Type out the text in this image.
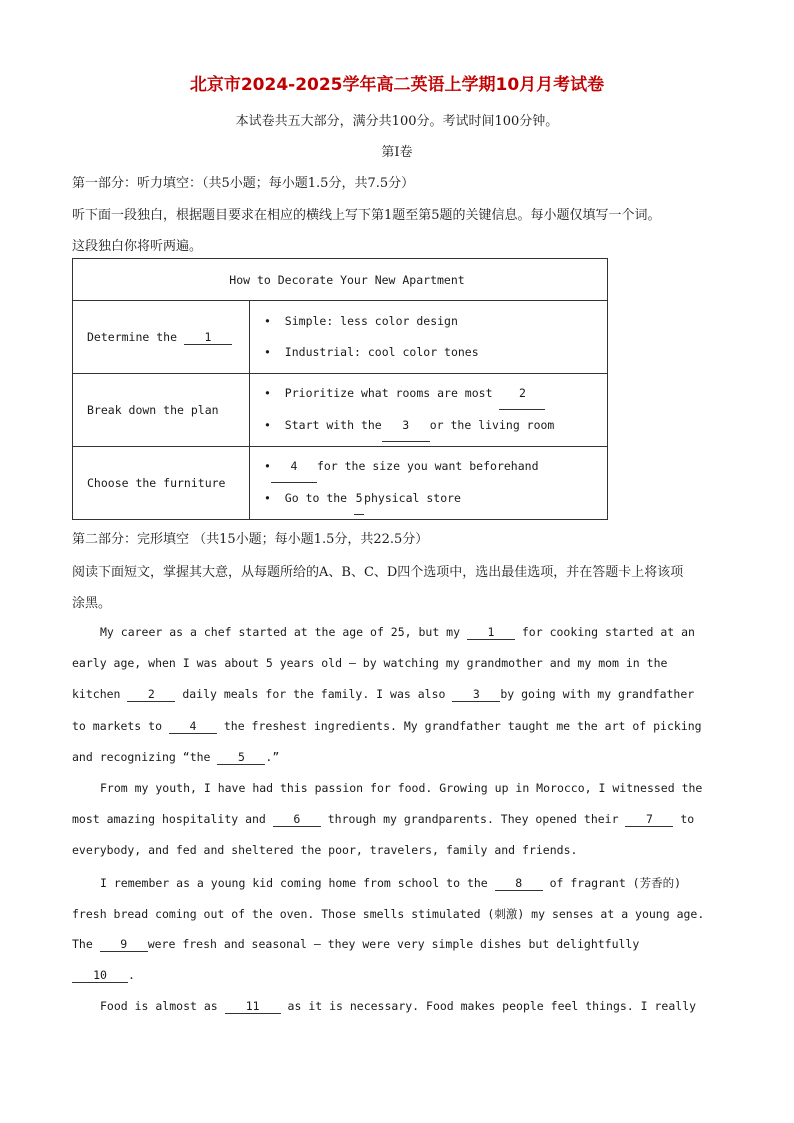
北京市2024-2025学年高二英语上学期10月月考试卷
本试卷共五大部分，满分共100分。考试时间100分钟。
第Ⅰ卷
第一部分：听力填空：（共5小题；每小题1.5分，共7.5分）
听下面一段独白，根据题目要求在相应的横线上写下第1题至第5题的关键信息。每小题仅填写一个词。
这段独白你将听两遍。
How to Decorate Your New Apartment	
Determine the 1	• Simple: less color design
• Industrial: cool color tones

Break down the plan	• Prioritize what rooms are most 2
• Start with the 3 or the living room

Choose the furniture	• 4 for the size you want beforehand
• Go to the 5 physical store
第二部分：完形填空 （共15小题；每小题1.5分，共22.5分）
阅读下面短文，掌握其大意，从每题所给的A、B、C、D四个选项中，选出最佳选项，并在答题卡上将该项
涂黑。
My career as a chef started at the age of 25, but my 1 for cooking started at an
early age, when I was about 5 years old — by watching my grandmother and my mom in the
kitchen 2 daily meals for the family. I was also 3 by going with my grandfather
to markets to 4 the freshest ingredients. My grandfather taught me the art of picking
and recognizing “the 5 .”
From my youth, I have had this passion for food. Growing up in Morocco, I witnessed the
most amazing hospitality and 6 through my grandparents. They opened their 7 to
everybody, and fed and sheltered the poor, travelers, family and friends.
I remember as a young kid coming home from school to the 8 of fragrant (芳香的)
fresh bread coming out of the oven. Those smells stimulated (刺激) my senses at a young age.
The 9 were fresh and seasonal — they were very simple dishes but delightfully
10 .
Food is almost as 11 as it is necessary. Food makes people feel things. I really
